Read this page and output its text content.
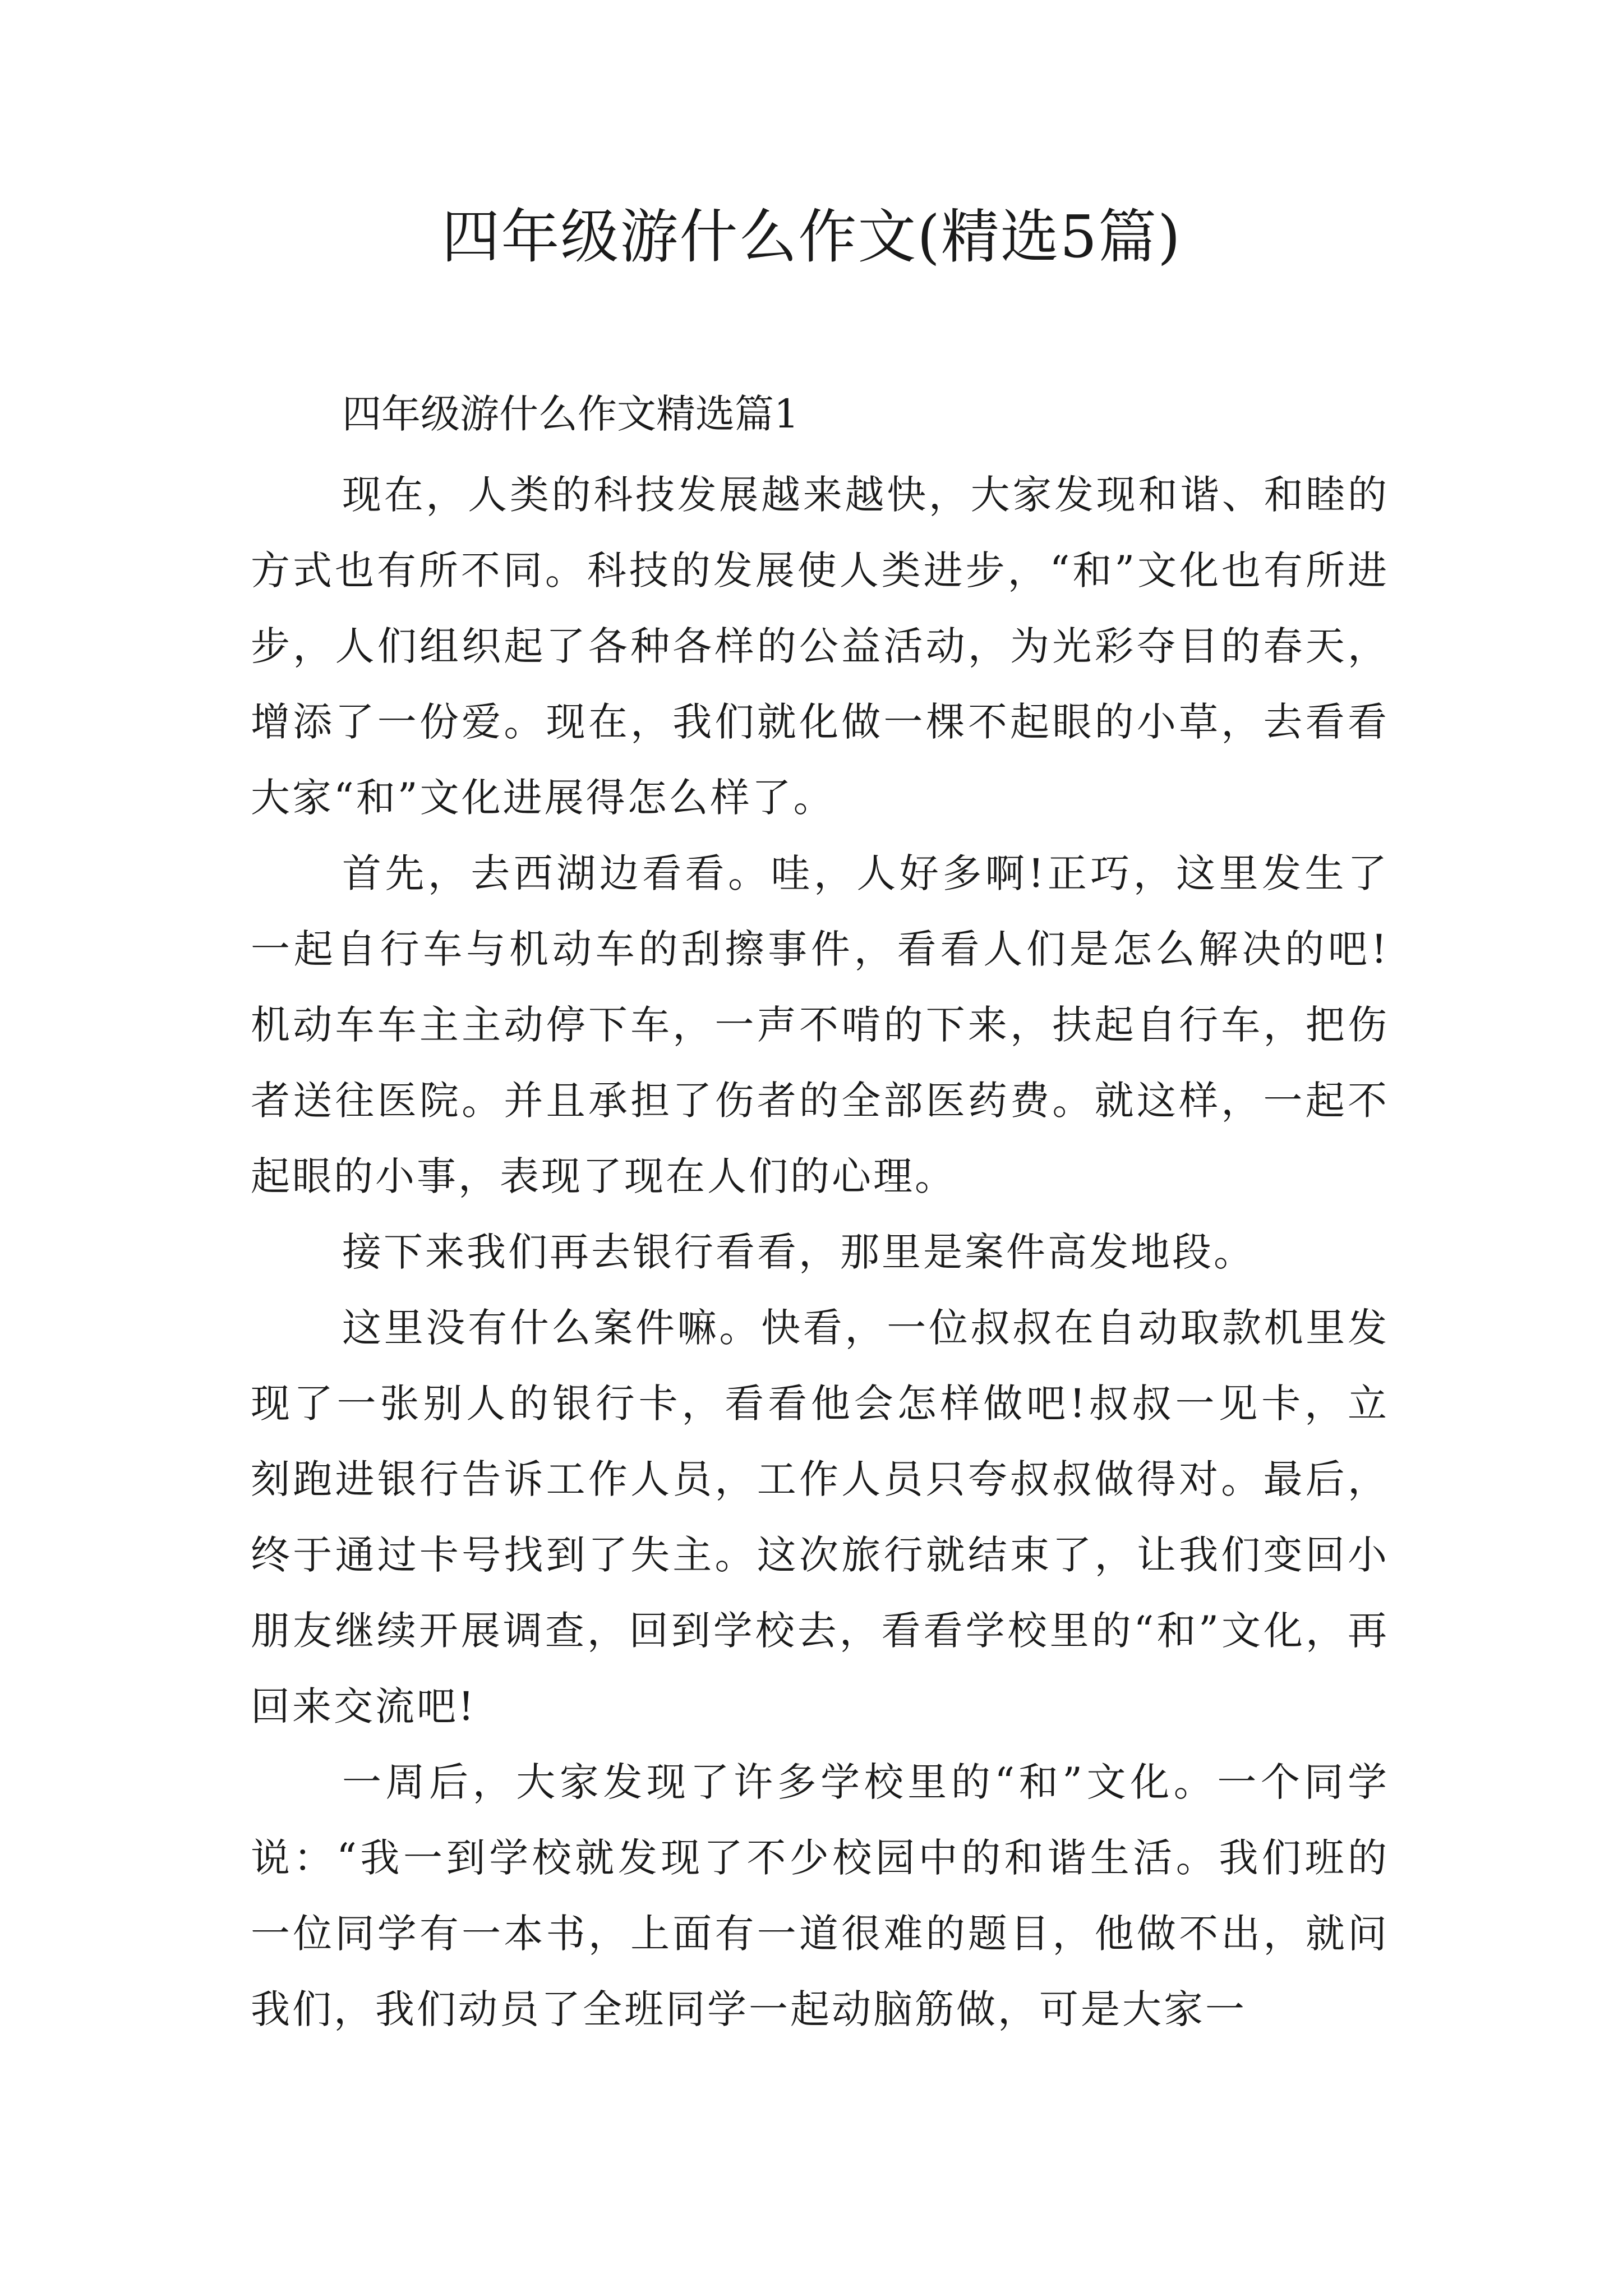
四年级游什么作文(精选5篇)

四年级游什么作文精选篇1

现在，人类的科技发展越来越快，大家发现和谐、和睦的方式也有所不同。科技的发展使人类进步，“和”文化也有所进步，人们组织起了各种各样的公益活动，为光彩夺目的春天，增添了一份爱。现在，我们就化做一棵不起眼的小草，去看看大家“和”文化进展得怎么样了。

首先，去西湖边看看。哇，人好多啊!正巧，这里发生了一起自行车与机动车的刮擦事件，看看人们是怎么解决的吧!机动车车主主动停下车，一声不啃的下来，扶起自行车，把伤者送往医院。并且承担了伤者的全部医药费。就这样，一起不起眼的小事，表现了现在人们的心理。

接下来我们再去银行看看，那里是案件高发地段。

这里没有什么案件嘛。快看，一位叔叔在自动取款机里发现了一张别人的银行卡，看看他会怎样做吧!叔叔一见卡，立刻跑进银行告诉工作人员，工作人员只夸叔叔做得对。最后，终于通过卡号找到了失主。这次旅行就结束了，让我们变回小朋友继续开展调查，回到学校去，看看学校里的“和”文化，再回来交流吧!

一周后，大家发现了许多学校里的“和”文化。一个同学说：“我一到学校就发现了不少校园中的和谐生活。我们班的一位同学有一本书，上面有一道很难的题目，他做不出，就问我们，我们动员了全班同学一起动脑筋做，可是大家一
